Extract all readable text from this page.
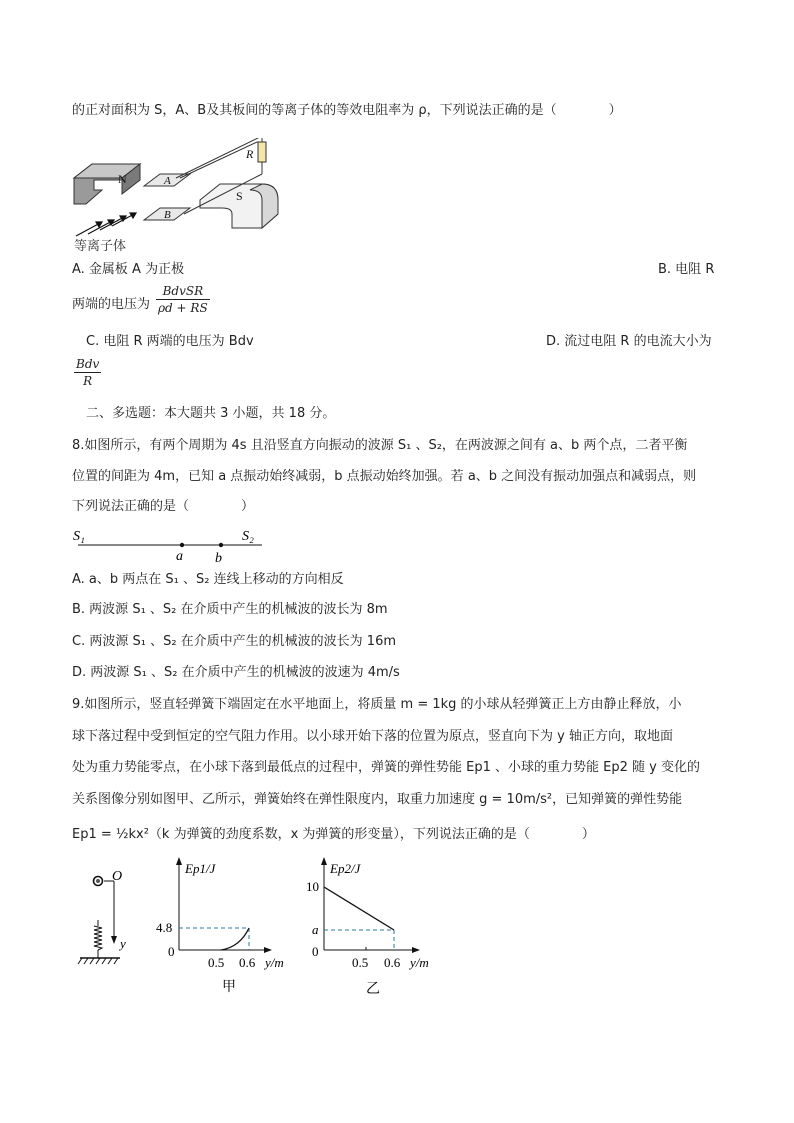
的正对面积为 S，A、B及其板间的等离子体的等效电阻率为 ρ，下列说法正确的是（　　　　）
N	A
B
S
R
等离子体
A. 金属板 A 为正极	B. 电阻 R
两端的电压为
BdvSR
ρd + RS
C. 电阻 R 两端的电压为 Bdv	D. 流过电阻 R 的电流大小为
Bdv
R
二、多选题：本大题共 3 小题，共 18 分。
8.如图所示，有两个周期为 4s 且沿竖直方向振动的波源 S₁ 、S₂，在两波源之间有 a、b 两个点，二者平衡
位置的间距为 4m，已知 a 点振动始终减弱，b 点振动始终加强。若 a、b 之间没有振动加强点和减弱点，则
下列说法正确的是（　　　　）
S₁	S₂
a b
A. a、b 两点在 S₁ 、S₂ 连线上移动的方向相反
B. 两波源 S₁ 、S₂ 在介质中产生的机械波的波长为 8m
C. 两波源 S₁ 、S₂ 在介质中产生的机械波的波长为 16m
D. 两波源 S₁ 、S₂ 在介质中产生的机械波的波速为 4m/s
9.如图所示，竖直轻弹簧下端固定在水平地面上，将质量 m = 1kg 的小球从轻弹簧正上方由静止释放，小
球下落过程中受到恒定的空气阻力作用。以小球开始下落的位置为原点，竖直向下为 y 轴正方向，取地面
处为重力势能零点，在小球下落到最低点的过程中，弹簧的弹性势能 Ep1 、小球的重力势能 Ep2 随 y 变化的
关系图像分别如图甲、乙所示，弹簧始终在弹性限度内，取重力加速度 g = 10m/s²，已知弹簧的弹性势能
Ep1 = ½kx²（k 为弹簧的劲度系数，x 为弹簧的形变量），下列说法正确的是（　　　　）
O
y
Ep1/J
4.8
0
0.5 0.6 y/m
甲
Ep2/J
10
a
0
0.5 0.6 y/m
乙
